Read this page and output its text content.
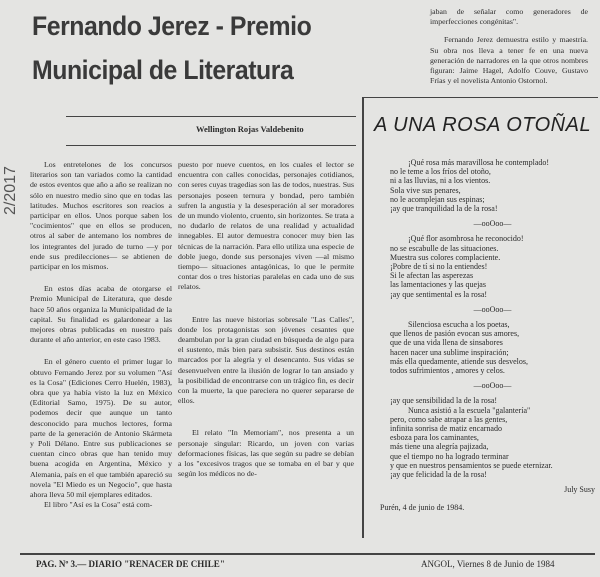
Fernando Jerez - Premio
Municipal de Literatura
2/2017
Wellington Rojas Valdebenito

Los entretelones de los concursos literarios son tan variados como la cantidad de estos eventos que año a año se realizan no sólo en nuestro medio sino que en todas las latitudes. Muchos escritores son reacios a participar en ellos. Unos porque saben los "cocimientos" que en ellos se producen, otros al saber de antemano los nombres de los integrantes del jurado de turno —y por ende sus predilecciones— se abtienen de participar en los mismos.

En estos días acaba de otorgarse el Premio Municipal de Literatura, que desde hace 50 años organiza la Municipalidad de la capital. Su finalidad es galardonear a las mejores obras publicadas en nuestro país durante el año anterior, en este caso 1983.

En el género cuento el primer lugar lo obtuvo Fernando Jerez por su volumen "Así es la Cosa" (Ediciones Cerro Huelén, 1983), obra que ya había visto la luz en México (Editorial Samo, 1975). De su autor, podemos decir que aunque un tanto desconocido para muchos lectores, forma parte de la generación de Antonio Skármeta y Poli Délano. Entre sus publicaciones se cuentan cinco obras que han tenido muy buena acogida en Argentina, México y Alemania, país en el que también apareció su novela "El Miedo es un Negocio", que hasta ahora lleva 50 mil ejemplares editados.

El libro "Así es la Cosa" está com-

puesto por nueve cuentos, en los cuales el lector se encuentra con calles conocidas, personajes cotidianos, con seres cuyas tragedias son las de todos, nuestras. Sus personajes poseen ternura y bondad, pero también sufren la angustia y la desesperación al ser moradores de un mundo violento, cruento, sin horizontes. Se trata a no dudarlo de relatos de una realidad y actualidad innegables. El autor demuestra conocer muy bien las técnicas de la narración. Para ello utiliza una especie de doble juego, donde sus personajes viven —al mismo tiempo— situaciones antagónicas, lo que le permite contar dos o tres historias paralelas en cada uno de sus relatos.

Entre las nueve historias sobresale "Las Calles", donde los protagonistas son jóvenes cesantes que deambulan por la gran ciudad en búsqueda de algo para el sustento, más bien para subsistir. Sus destinos están marcados por la alegría y el desencanto. Sus vidas se desenvuelven entre la ilusión de lograr lo tan ansiado y la posibilidad de encontrarse con un trágico fin, es decir con la muerte, la que pareciera no querer separarse de ellos.

El relato "In Memoriam", nos presenta a un personaje singular: Ricardo, un joven con varias deformaciones físicas, las que según su padre se debían a los "excesivos tragos que se tomaba en el bar y que según los médicos no de-

jaban de señalar como generadores de imperfecciones congénitas".

Fernando Jerez demuestra estilo y maestría. Su obra nos lleva a tener fe en una nueva generación de narradores en la que otros nombres figuran: Jaime Hagel, Adolfo Couve, Gustavo Frías y el novelista Antonio Ostornol.

A UNA ROSA OTOÑAL
¡Qué rosa más maravillosa he contemplado!
no le teme a los fríos del otoño,
ni a las lluvias, ni a los vientos.
Sola vive sus penares,
no le acomplejan sus espinas;
¡ay que tranquilidad la de la rosa!
—ooOoo—
¡Qué flor asombrosa he reconocido!
no se escabulle de las situaciones.
Muestra sus colores complaciente.
¡Pobre de tí si no la entiendes!
Si le afectan las asperezas
las lamentaciones y las quejas
¡ay que sentimental es la rosa!
—ooOoo—
Silenciosa escucha a los poetas,
que llenos de pasión evocan sus amores,
que de una vida llena de sinsabores
hacen nacer una sublime inspiración;
más ella quedamente, atiende sus desvelos,
todos sufrimientos , amores y celos.
—ooOoo—
¡ay que sensibilidad la de la rosa!
Nunca asistió a la escuela "galantería"
pero, como sabe atrapar a las gentes,
infinita sonrisa de matiz encarnado
esboza para los caminantes,
más tiene una alegría pajizada,
que el tiempo no ha logrado terminar
y que en nuestros pensamientos se puede eternizar.
¡ay que felicidad la de la rosa!
July Susy
Purén, 4 de junio de 1984.
PAG. Nº 3.— DIARIO "RENACER DE CHILE"	ANGOL, Viernes 8 de Junio de 1984
